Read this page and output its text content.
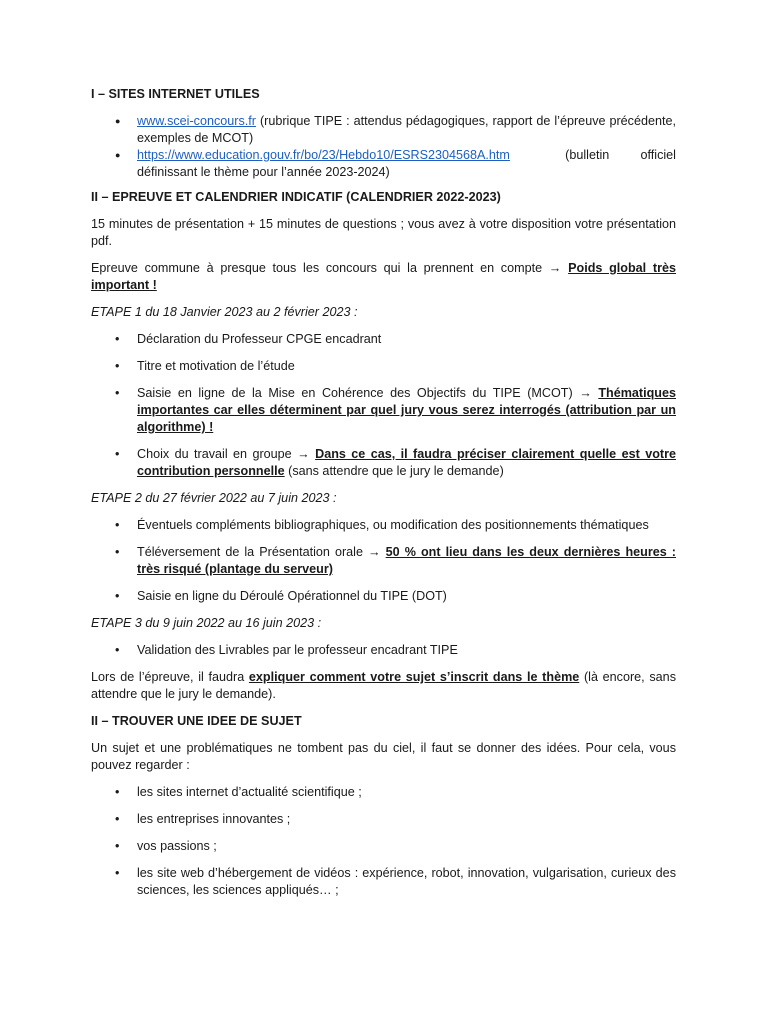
I – SITES INTERNET UTILES
● www.scei-concours.fr (rubrique TIPE : attendus pédagogiques, rapport de l’épreuve précédente, exemples de MCOT)
● https://www.education.gouv.fr/bo/23/Hebdo10/ESRS2304568A.htm	(bulletin officiel
définissant le thème pour l’année 2023-2024)
II – EPREUVE ET CALENDRIER INDICATIF (CALENDRIER 2022-2023)

15 minutes de présentation + 15 minutes de questions ; vous avez à votre disposition votre présentation pdf.

Epreuve commune à presque tous les concours qui la prennent en compte → Poids global très important !

ETAPE 1 du 18 Janvier 2023 au 2 février 2023 :
• Déclaration du Professeur CPGE encadrant
• Titre et motivation de l’étude
• Saisie en ligne de la Mise en Cohérence des Objectifs du TIPE (MCOT) → Thématiques importantes car elles déterminent par quel jury vous serez interrogés (attribution par un algorithme) !
• Choix du travail en groupe → Dans ce cas, il faudra préciser clairement quelle est votre contribution personnelle (sans attendre que le jury le demande)
ETAPE 2 du 27 février 2022 au 7 juin 2023 :
• Éventuels compléments bibliographiques, ou modification des positionnements thématiques
• Téléversement de la Présentation orale → 50 % ont lieu dans les deux dernières heures : très risqué (plantage du serveur)
• Saisie en ligne du Déroulé Opérationnel du TIPE (DOT)
ETAPE 3 du 9 juin 2022 au 16 juin 2023 :
• Validation des Livrables par le professeur encadrant TIPE

Lors de l’épreuve, il faudra expliquer comment votre sujet s’inscrit dans le thème (là encore, sans attendre que le jury le demande).

II – TROUVER UNE IDEE DE SUJET

Un sujet et une problématiques ne tombent pas du ciel, il faut se donner des idées. Pour cela, vous pouvez regarder :

• les sites internet d’actualité scientifique ;
• les entreprises innovantes ;
• vos passions ;
• les site web d’hébergement de vidéos : expérience, robot, innovation, vulgarisation, curieux des sciences, les sciences appliqués… ;
